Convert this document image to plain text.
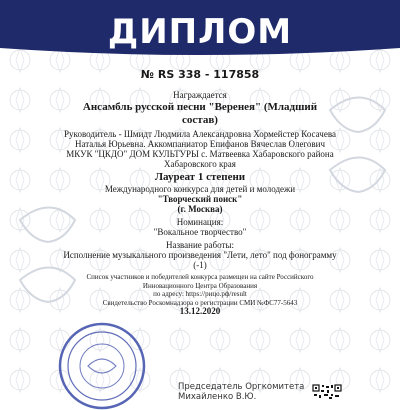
ДИПЛОМ
№ RS 338 - 117858
Награждается
Ансамбль русской песни "Веренея" (Младший
состав)
Руководитель - Шмидт Людмила Александровна Хормейстер Косачева
Наталья Юрьевна. Аккомпаниатор Епифанов Вячеслав Олегович
МКУК "ЦКДО" ДОМ КУЛЬТУРЫ с. Матвеевка Хабаровского района
Хабаровского края
Лауреат 1 степени
Международного конкурса для детей и молодежи
"Творческий поиск"
(г. Москва)
Номинация:
"Вокальное творчество"
Название работы:
Исполнение музыкального произведения "Лети, лето" под фонограмму
(-1)
Список участников и победителей конкурса размещен на сайте Российского
Инновационного Центра Образования
по адресу: https://рицо.рф/result
Свидетельство Роскомнадзора о регистрации СМИ №ФС77-5643
13.12.2020
Председатель Оргкомитета
Михайленко В.Ю.
